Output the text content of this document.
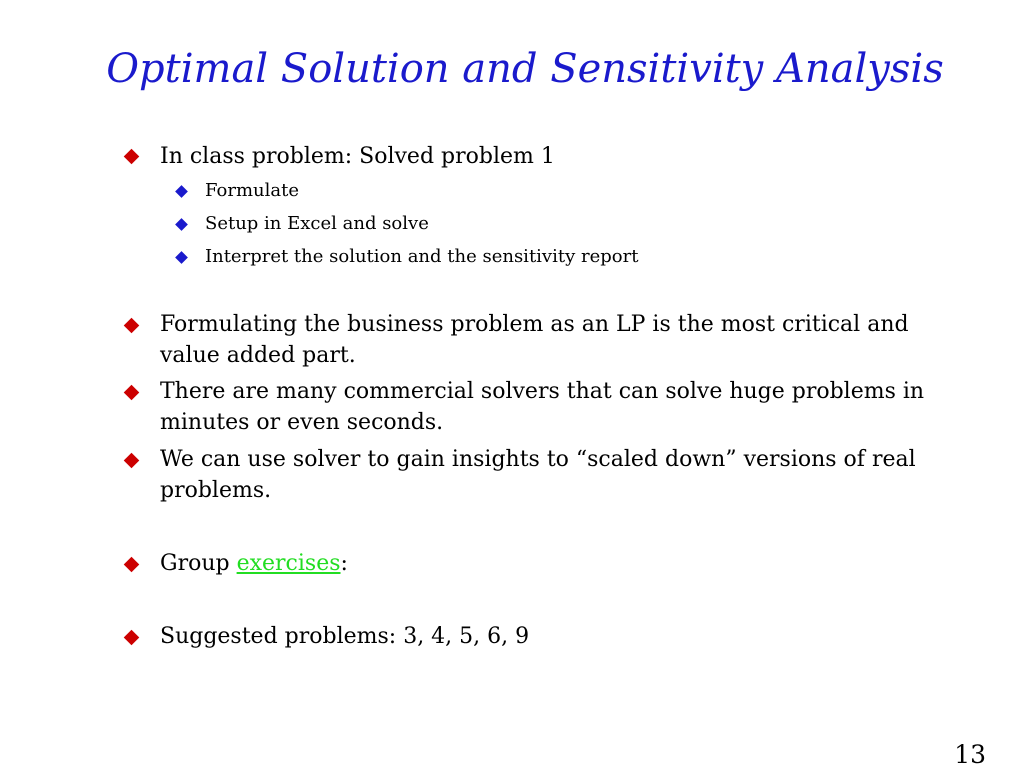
Optimal Solution and Sensitivity Analysis
In class problem: Solved problem 1
Formulate
Setup in Excel and solve
Interpret the solution and the sensitivity report
Formulating the business problem as an LP is the most critical and
value added part.
There are many commercial solvers that can solve huge problems in
minutes or even seconds.
We can use solver to gain insights to “scaled down” versions of real
problems.
Group exercises:
Suggested problems: 3, 4, 5, 6, 9
13
